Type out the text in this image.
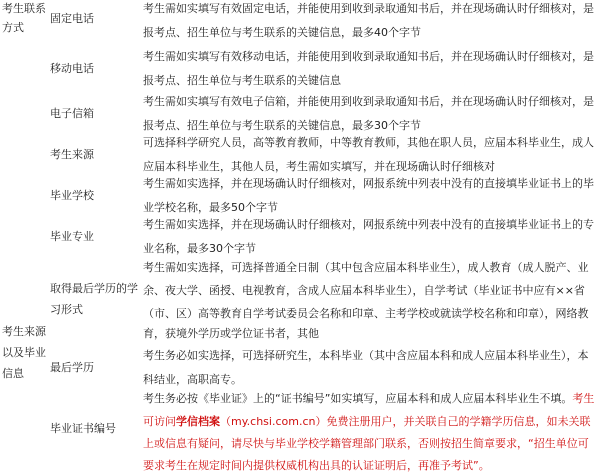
考生联系
方式
固定电话
考生需如实填写有效固定电话，并能使用到收到录取通知书后，并在现场确认时仔细核对，是
报考点、招生单位与考生联系的关键信息，最多40个字节
移动电话
考生需如实填写有效移动电话，并能使用到收到录取通知书后，并在现场确认时仔细核对，是
报考点、招生单位与考生联系的关键信息
电子信箱
考生需如实填写有效电子信箱，并能使用到收到录取通知书后，并在现场确认时仔细核对，是
报考点、招生单位与考生联系的关键信息，最多30个字节
考生来源
可选择科学研究人员，高等教育教师，中等教育教师，其他在职人员，应届本科毕业生，成人
应届本科毕业生，其他人员，考生需如实填写，并在现场确认时仔细核对
毕业学校
考生需如实选择，并在现场确认时仔细核对，网报系统中列表中没有的直接填毕业证书上的毕
业学校名称，最多50个字节
毕业专业
考生需如实选择，并在现场确认时仔细核对，网报系统中列表中没有的直接填毕业证书上的专
业名称，最多30个字节
取得最后学历的学
习形式
考生需如实选择，可选择普通全日制（其中包含应届本科毕业生），成人教育（成人脱产、业
余、夜大学、函授、电视教育，含成人应届本科毕业生），自学考试（毕业证书中应有××省
（市、区）高等教育自学考试委员会名称和印章、主考学校或就读学校名称和印章），网络教
育，获境外学历或学位证书者，其他
考生来源
以及毕业
信息 最后学历
考生务必如实选择，可选择研究生，本科毕业（其中含应届本科和成人应届本科毕业生），本
科结业，高职高专。
毕业证书编号
考生务必按《毕业证》上的“证书编号”如实填写，应届本科和成人应届本科毕业生不填。考生
可访问学信档案（my.chsi.com.cn）免费注册用户，并关联自己的学籍学历信息，如未关联
上或信息有疑问，请尽快与毕业学校学籍管理部门联系，否则按招生简章要求，“招生单位可
要求考生在规定时间内提供权威机构出具的认证证明后，再准予考试”。
